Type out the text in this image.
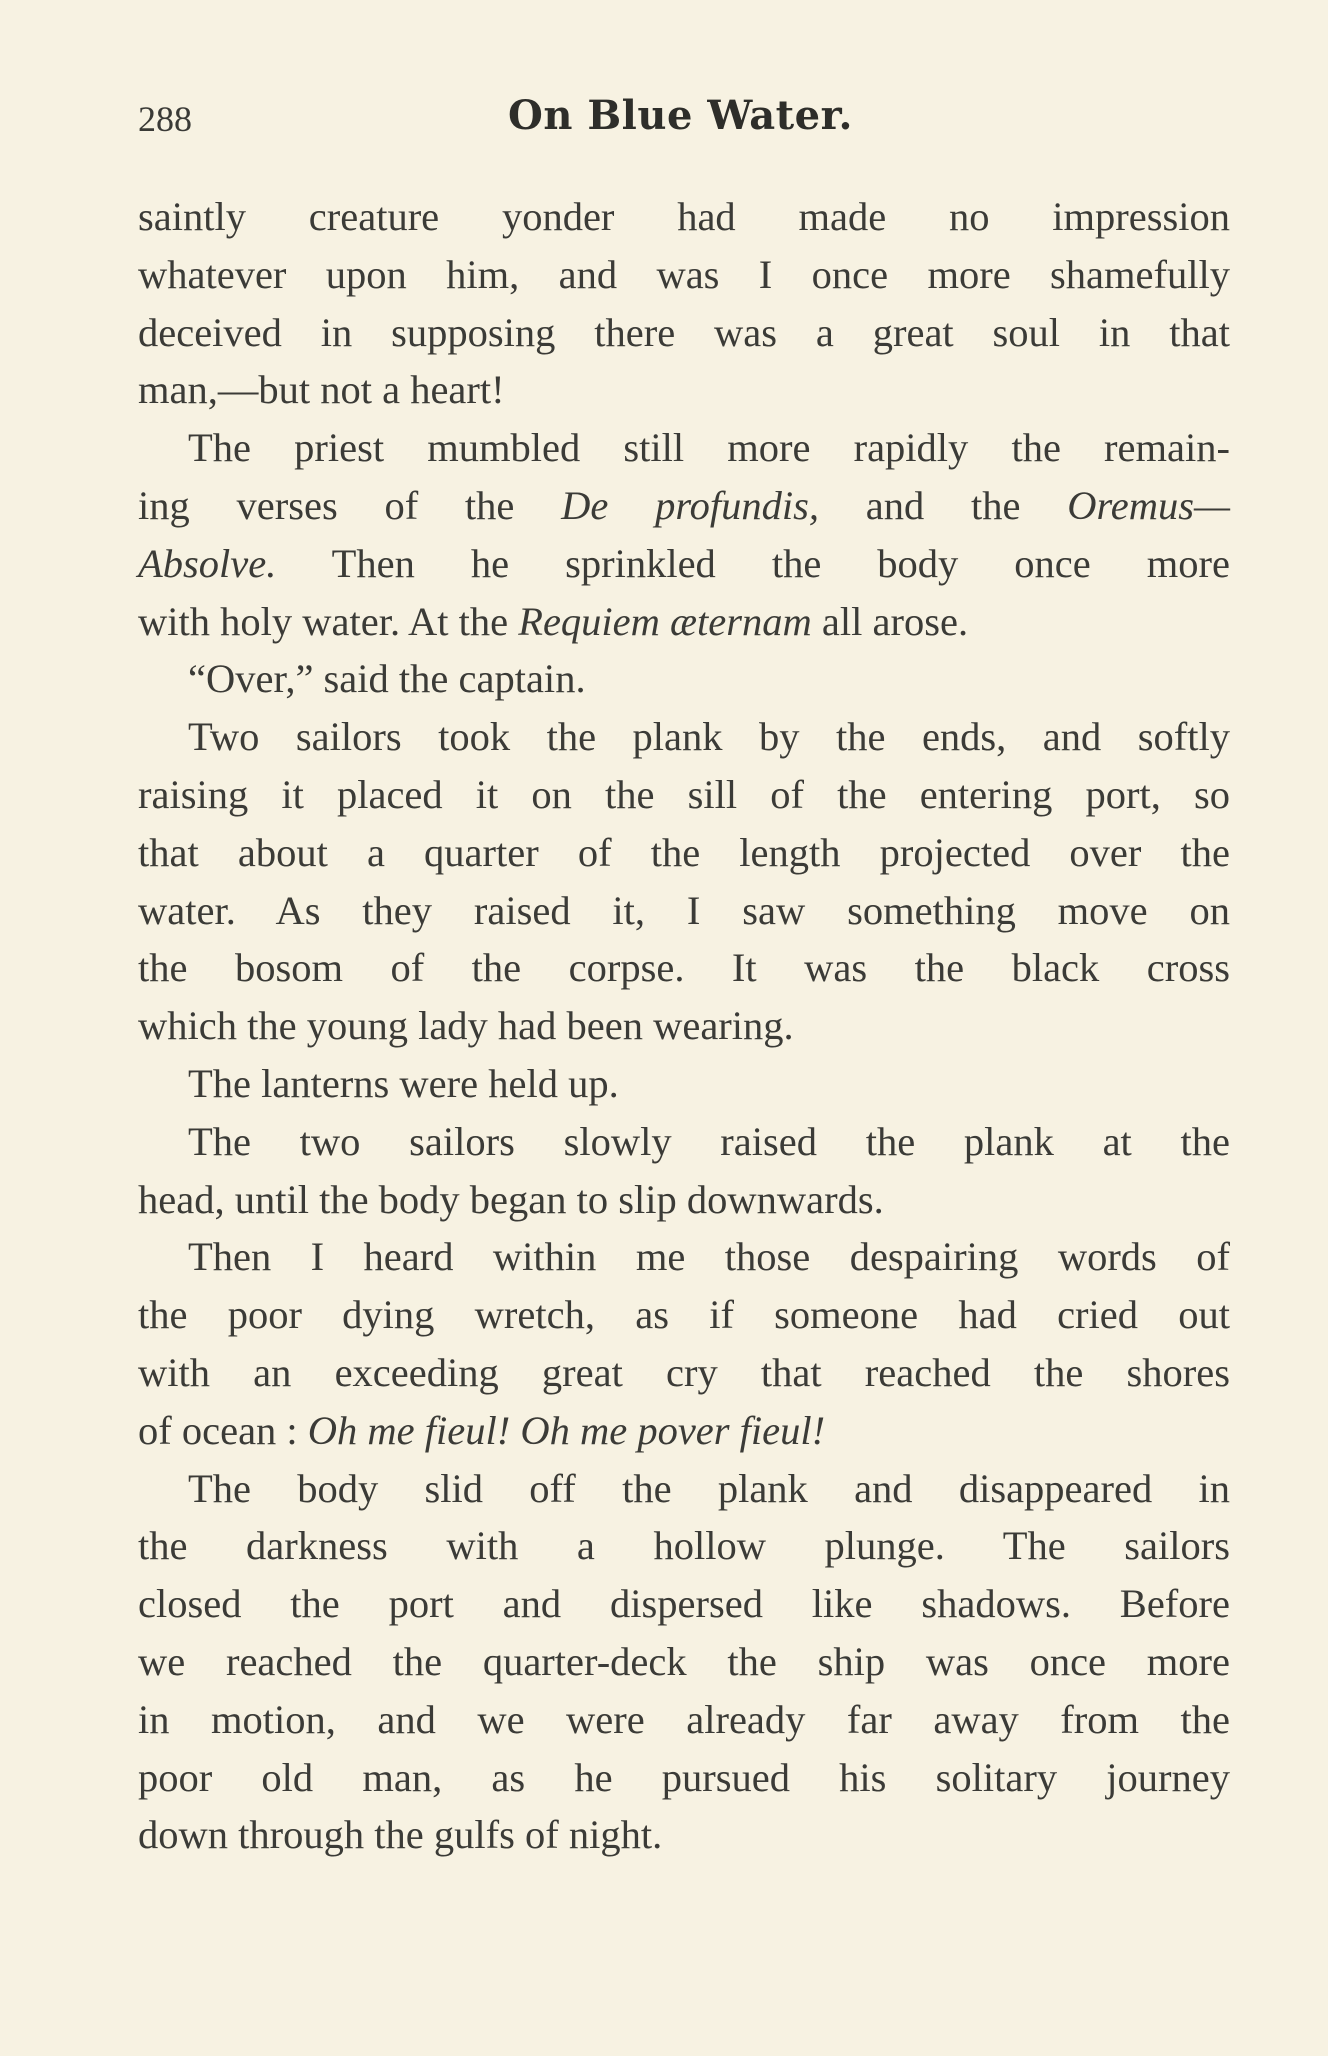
288	On Blue Water.
saintly creature yonder had made no impression
whatever upon him, and was I once more shamefully
deceived in supposing there was a great soul in that
man,—but not a heart!
The priest mumbled still more rapidly the remain-
ing verses of the De profundis, and the Oremus—
Absolve. Then he sprinkled the body once more
with holy water. At the Requiem æternam all arose.
“Over,” said the captain.
Two sailors took the plank by the ends, and softly
raising it placed it on the sill of the entering port, so
that about a quarter of the length projected over the
water. As they raised it, I saw something move on
the bosom of the corpse. It was the black cross
which the young lady had been wearing.
The lanterns were held up.
The two sailors slowly raised the plank at the
head, until the body began to slip downwards.
Then I heard within me those despairing words of
the poor dying wretch, as if someone had cried out
with an exceeding great cry that reached the shores
of ocean : Oh me fieul! Oh me pover fieul!
The body slid off the plank and disappeared in
the darkness with a hollow plunge. The sailors
closed the port and dispersed like shadows. Before
we reached the quarter-deck the ship was once more
in motion, and we were already far away from the
poor old man, as he pursued his solitary journey
down through the gulfs of night.
